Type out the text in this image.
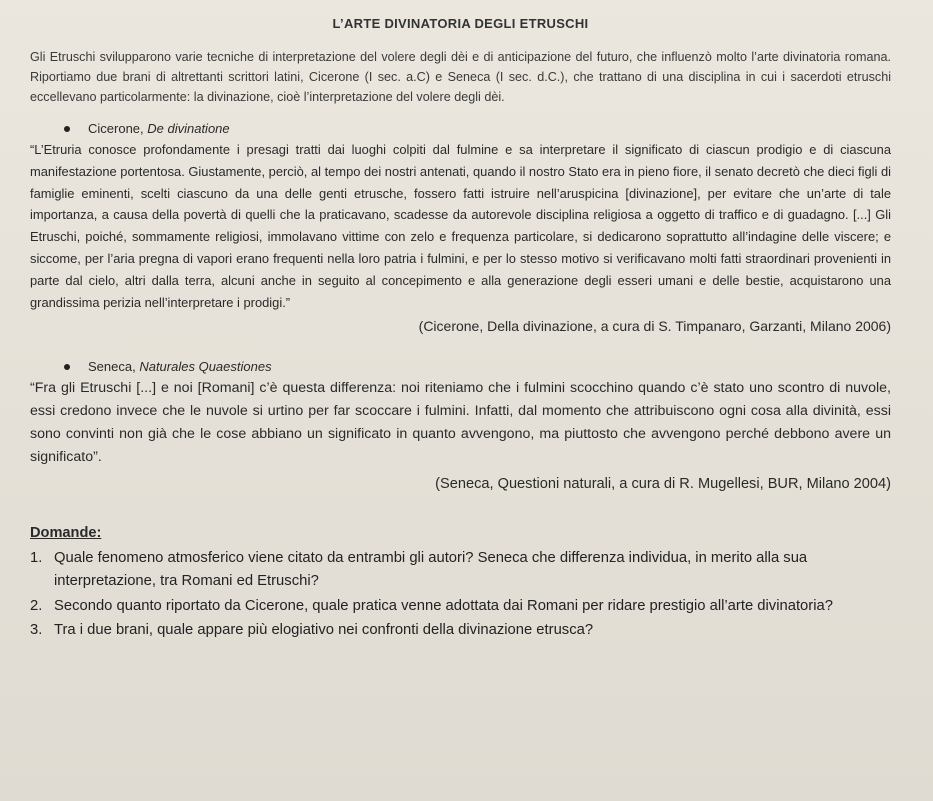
L’ARTE DIVINATORIA DEGLI ETRUSCHI

Gli Etruschi svilupparono varie tecniche di interpretazione del volere degli dèi e di anticipazione del futuro, che influenzò molto l’arte divinatoria romana. Riportiamo due brani di altrettanti scrittori latini, Cicerone (I sec. a.C) e Seneca (I sec. d.C.), che trattano di una disciplina in cui i sacerdoti etruschi eccellevano particolarmente: la divinazione, cioè l’interpretazione del volere degli dèi.

Cicerone, De divinatione

“L’Etruria conosce profondamente i presagi tratti dai luoghi colpiti dal fulmine e sa interpretare il significato di ciascun prodigio e di ciascuna manifestazione portentosa. Giustamente, perciò, al tempo dei nostri antenati, quando il nostro Stato era in pieno fiore, il senato decretò che dieci figli di famiglie eminenti, scelti ciascuno da una delle genti etrusche, fossero fatti istruire nell’aruspicina [divinazione], per evitare che un’arte di tale importanza, a causa della povertà di quelli che la praticavano, scadesse da autorevole disciplina religiosa a oggetto di traffico e di guadagno. [...] Gli Etruschi, poiché, sommamente religiosi, immolavano vittime con zelo e frequenza particolare, si dedicarono soprattutto all’indagine delle viscere; e siccome, per l’aria pregna di vapori erano frequenti nella loro patria i fulmini, e per lo stesso motivo si verificavano molti fatti straordinari provenienti in parte dal cielo, altri dalla terra, alcuni anche in seguito al concepimento e alla generazione degli esseri umani e delle bestie, acquistarono una grandissima perizia nell’interpretare i prodigi.”

(Cicerone, Della divinazione, a cura di S. Timpanaro, Garzanti, Milano 2006)

Seneca, Naturales Quaestiones

“Fra gli Etruschi [...] e noi [Romani] c’è questa differenza: noi riteniamo che i fulmini scocchino quando c’è stato uno scontro di nuvole, essi credono invece che le nuvole si urtino per far scoccare i fulmini. Infatti, dal momento che attribuiscono ogni cosa alla divinità, essi sono convinti non già che le cose abbiano un significato in quanto avvengono, ma piuttosto che avvengono perché debbono avere un significato”.

(Seneca, Questioni naturali, a cura di R. Mugellesi, BUR, Milano 2004)

Domande:
1. Quale fenomeno atmosferico viene citato da entrambi gli autori? Seneca che differenza individua, in merito alla sua interpretazione, tra Romani ed Etruschi?
2. Secondo quanto riportato da Cicerone, quale pratica venne adottata dai Romani per ridare prestigio all’arte divinatoria?
3. Tra i due brani, quale appare più elogiativo nei confronti della divinazione etrusca?
